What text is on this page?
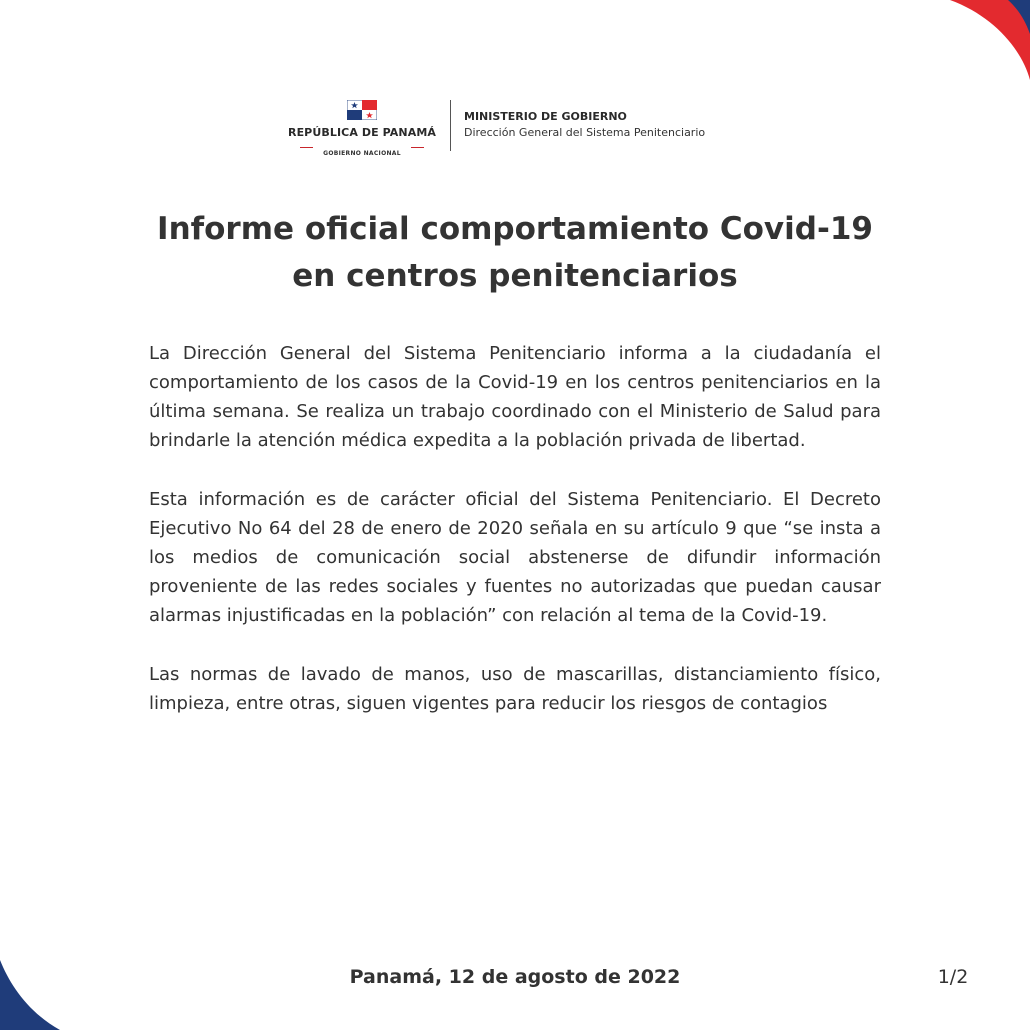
REPÚBLICA DE PANAMÁ
GOBIERNO NACIONAL
MINISTERIO DE GOBIERNO
Dirección General del Sistema Penitenciario
Informe oficial comportamiento Covid-19
en centros penitenciarios

La Dirección General del Sistema Penitenciario informa a la ciudadanía el comportamiento de los casos de la Covid-19 en los centros penitenciarios en la última semana. Se realiza un trabajo coordinado con el Ministerio de Salud para brindarle la atención médica expedita a la población privada de libertad.

Esta información es de carácter oficial del Sistema Penitenciario. El Decreto Ejecutivo No 64 del 28 de enero de 2020 señala en su artículo 9 que “se insta a los medios de comunicación social abstenerse de difundir información proveniente de las redes sociales y fuentes no autorizadas que puedan causar alarmas injustificadas en la población” con relación al tema de la Covid-19.

Las normas de lavado de manos, uso de mascarillas, distanciamiento físico, limpieza, entre otras, siguen vigentes para reducir los riesgos de contagios

Panamá, 12 de agosto de 2022	1/2
